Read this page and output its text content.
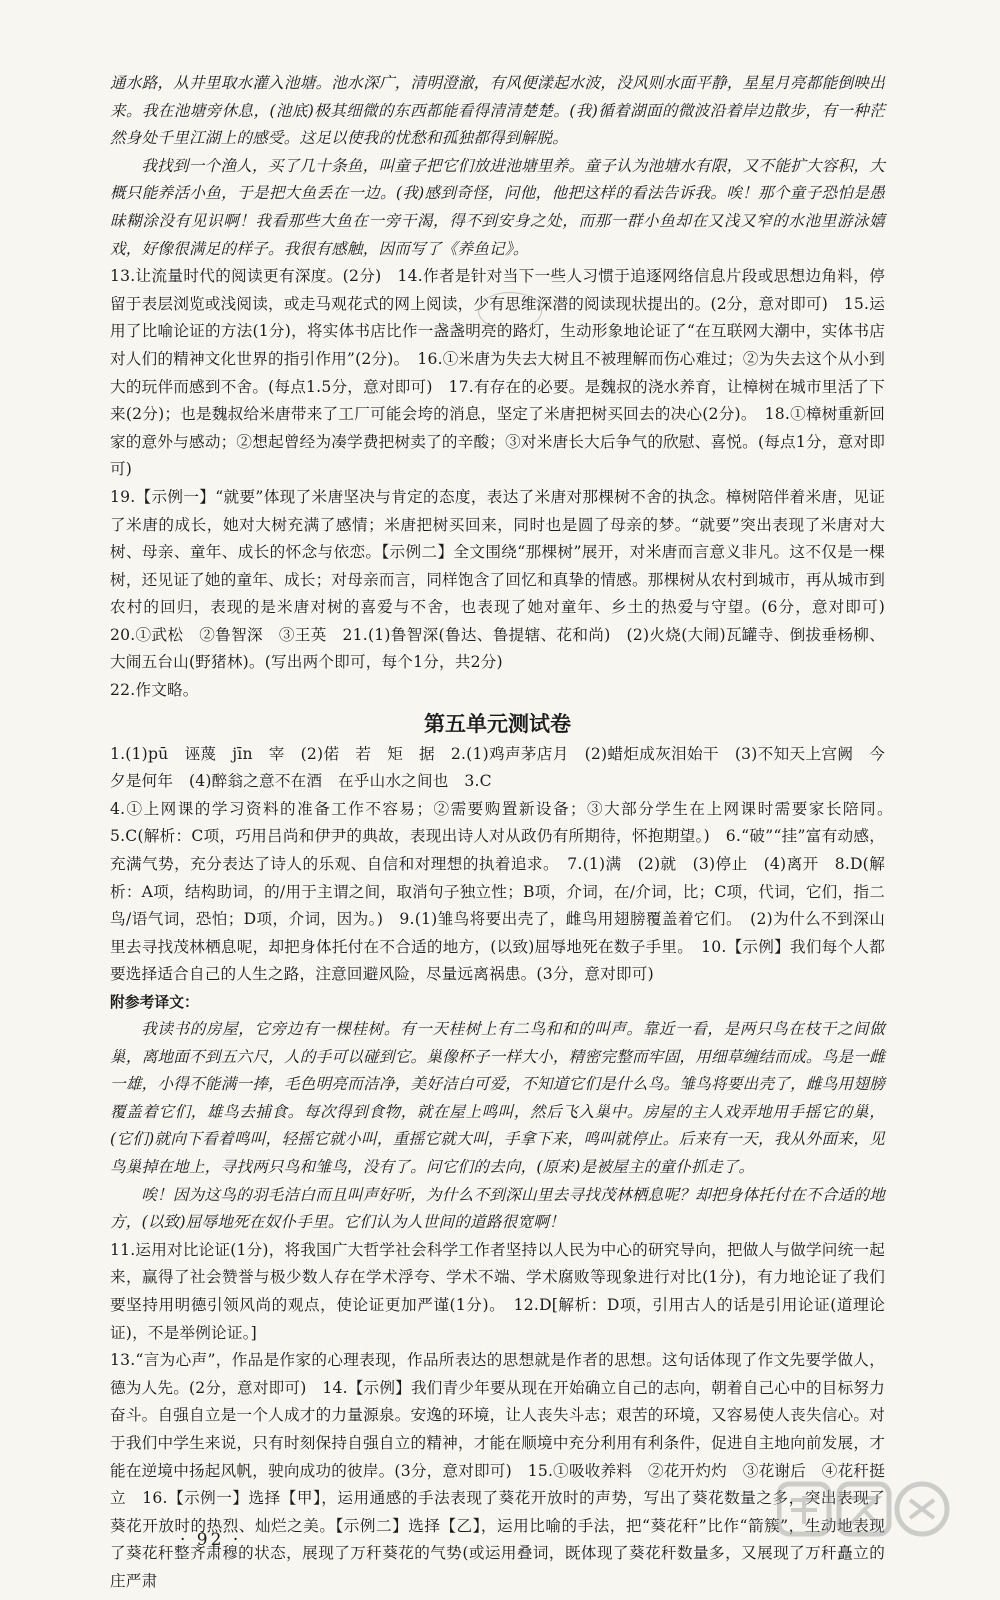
通水路，从井里取水灌入池塘。池水深广，清明澄澈，有风便漾起水波，没风则水面平静，星星月亮都能倒映出来。我在池塘旁休息，(池底)极其细微的东西都能看得清清楚楚。(我)循着湖面的微波沿着岸边散步，有一种茫然身处千里江湖上的感受。这足以使我的忧愁和孤独都得到解脱。

我找到一个渔人，买了几十条鱼，叫童子把它们放进池塘里养。童子认为池塘水有限，又不能扩大容积，大概只能养活小鱼，于是把大鱼丢在一边。(我)感到奇怪，问他，他把这样的看法告诉我。唉！那个童子恐怕是愚昧糊涂没有见识啊！我看那些大鱼在一旁干渴，得不到安身之处，而那一群小鱼却在又浅又窄的水池里游泳嬉戏，好像很满足的样子。我很有感触，因而写了《养鱼记》。

13.让流量时代的阅读更有深度。(2分)　14.作者是针对当下一些人习惯于追逐网络信息片段或思想边角料，停留于表层浏览或浅阅读，或走马观花式的网上阅读，少有思维深潜的阅读现状提出的。(2分，意对即可)　15.运用了比喻论证的方法(1分)，将实体书店比作一盏盏明亮的路灯，生动形象地论证了“在互联网大潮中，实体书店对人们的精神文化世界的指引作用”(2分)。　16.①米唐为失去大树且不被理解而伤心难过；②为失去这个从小到大的玩伴而感到不舍。(每点1.5分，意对即可)　17.有存在的必要。是魏叔的浇水养育，让樟树在城市里活了下来(2分)；也是魏叔给米唐带来了工厂可能会垮的消息，坚定了米唐把树买回去的决心(2分)。　18.①樟树重新回家的意外与感动；②想起曾经为凑学费把树卖了的辛酸；③对米唐长大后争气的欣慰、喜悦。(每点1分，意对即可)

19.【示例一】“就要”体现了米唐坚决与肯定的态度，表达了米唐对那棵树不舍的执念。樟树陪伴着米唐，见证了米唐的成长，她对大树充满了感情；米唐把树买回来，同时也是圆了母亲的梦。“就要”突出表现了米唐对大树、母亲、童年、成长的怀念与依恋。【示例二】全文围绕“那棵树”展开，对米唐而言意义非凡。这不仅是一棵树，还见证了她的童年、成长；对母亲而言，同样饱含了回忆和真挚的情感。那棵树从农村到城市，再从城市到农村的回归，表现的是米唐对树的喜爱与不舍，也表现了她对童年、乡土的热爱与守望。(6分，意对即可)　20.①武松　②鲁智深　③王英　21.(1)鲁智深(鲁达、鲁提辖、花和尚)　(2)火烧(大闹)瓦罐寺、倒拔垂杨柳、大闹五台山(野猪林)。(写出两个即可，每个1分，共2分)

22.作文略。

第五单元测试卷

1.(1)pū　诬蔑　jīn　宰　(2)偌　若　矩　据　2.(1)鸡声茅店月　(2)蜡炬成灰泪始干　(3)不知天上宫阙　今夕是何年　(4)醉翁之意不在酒　在乎山水之间也　3.C

4.①上网课的学习资料的准备工作不容易；②需要购置新设备；③大部分学生在上网课时需要家长陪同。　5.C(解析：C项，巧用吕尚和伊尹的典故，表现出诗人对从政仍有所期待，怀抱期望。)　6.“破”“挂”富有动感，充满气势，充分表达了诗人的乐观、自信和对理想的执着追求。　7.(1)满　(2)就　(3)停止　(4)离开　8.D(解析：A项，结构助词，的/用于主谓之间，取消句子独立性；B项，介词，在/介词，比；C项，代词，它们，指二鸟/语气词，恐怕；D项，介词，因为。)　9.(1)雏鸟将要出壳了，雌鸟用翅膀覆盖着它们。　(2)为什么不到深山里去寻找茂林栖息呢，却把身体托付在不合适的地方，(以致)屈辱地死在数子手里。　10.【示例】我们每个人都要选择适合自己的人生之路，注意回避风险，尽量远离祸患。(3分，意对即可)

附参考译文：

我读书的房屋，它旁边有一棵桂树。有一天桂树上有二鸟和和的叫声。靠近一看，是两只鸟在枝干之间做巢，离地面不到五六尺，人的手可以碰到它。巢像杯子一样大小，精密完整而牢固，用细草缠结而成。鸟是一雌一雄，小得不能满一捧，毛色明亮而洁净，美好洁白可爱，不知道它们是什么鸟。雏鸟将要出壳了，雌鸟用翅膀覆盖着它们，雄鸟去捕食。每次得到食物，就在屋上鸣叫，然后飞入巢中。房屋的主人戏弄地用手摇它的巢，(它们)就向下看着鸣叫，轻摇它就小叫，重摇它就大叫，手拿下来，鸣叫就停止。后来有一天，我从外面来，见鸟巢掉在地上，寻找两只鸟和雏鸟，没有了。问它们的去向，(原来)是被屋主的童仆抓走了。

唉！因为这鸟的羽毛洁白而且叫声好听，为什么不到深山里去寻找茂林栖息呢？却把身体托付在不合适的地方，(以致)屈辱地死在奴仆手里。它们认为人世间的道路很宽啊！

11.运用对比论证(1分)，将我国广大哲学社会科学工作者坚持以人民为中心的研究导向，把做人与做学问统一起来，赢得了社会赞誉与极少数人存在学术浮夸、学术不端、学术腐败等现象进行对比(1分)，有力地论证了我们要坚持用明德引领风尚的观点，使论证更加严谨(1分)。　12.D[解析：D项，引用古人的话是引用论证(道理论证)，不是举例论证。]

13.“言为心声”，作品是作家的心理表现，作品所表达的思想就是作者的思想。这句话体现了作文先要学做人，德为人先。(2分，意对即可)　14.【示例】我们青少年要从现在开始确立自己的志向，朝着自己心中的目标努力奋斗。自强自立是一个人成才的力量源泉。安逸的环境，让人丧失斗志；艰苦的环境，又容易使人丧失信心。对于我们中学生来说，只有时刻保持自强自立的精神，才能在顺境中充分利用有利条件，促进自主地向前发展，才能在逆境中扬起风帆，驶向成功的彼岸。(3分，意对即可)　15.①吸收养料　②花开灼灼　③花谢后　④花秆挺立　16.【示例一】选择【甲】，运用通感的手法表现了葵花开放时的声势，写出了葵花数量之多，突出表现了葵花开放时的热烈、灿烂之美。【示例二】选择【乙】，运用比喻的手法，把“葵花秆”比作“箭簇”，生动地表现了葵花秆整齐肃穆的状态，展现了万秆葵花的气势(或运用叠词，既体现了葵花秆数量多，又展现了万秆矗立的庄严肃

· 92 ·
